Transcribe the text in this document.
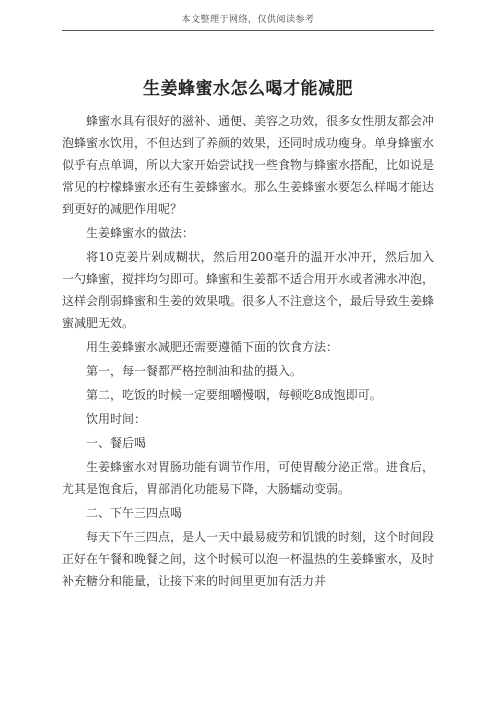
本文整理于网络，仅供阅读参考
生姜蜂蜜水怎么喝才能减肥

蜂蜜水具有很好的滋补、通便、美容之功效，很多女性朋友都会冲泡蜂蜜水饮用，不但达到了养颜的效果，还同时成功瘦身。单身蜂蜜水似乎有点单调，所以大家开始尝试找一些食物与蜂蜜水搭配，比如说是常见的柠檬蜂蜜水还有生姜蜂蜜水。那么生姜蜂蜜水要怎么样喝才能达到更好的减肥作用呢？

生姜蜂蜜水的做法：

将10克姜片剁成糊状，然后用200毫升的温开水冲开，然后加入一勺蜂蜜，搅拌均匀即可。蜂蜜和生姜都不适合用开水或者沸水冲泡，这样会削弱蜂蜜和生姜的效果哦。很多人不注意这个，最后导致生姜蜂蜜减肥无效。

用生姜蜂蜜水减肥还需要遵循下面的饮食方法：

第一，每一餐都严格控制油和盐的摄入。

第二，吃饭的时候一定要细嚼慢咽，每顿吃8成饱即可。

饮用时间：

一、餐后喝

生姜蜂蜜水对胃肠功能有调节作用，可使胃酸分泌正常。进食后，尤其是饱食后，胃部消化功能易下降，大肠蠕动变弱。

二、下午三四点喝

每天下午三四点，是人一天中最易疲劳和饥饿的时刻，这个时间段正好在午餐和晚餐之间，这个时候可以泡一杯温热的生姜蜂蜜水，及时补充糖分和能量，让接下来的时间里更加有活力并
